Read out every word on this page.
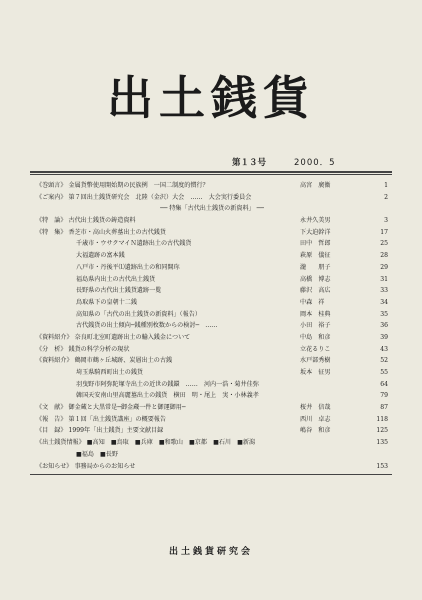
出土銭貨
第１３号	2000．5
《巻頭言》 金属貨幣使用開始期の民族例　一国二制度的慣行？	高宮　廣衞	1
《ご案内》 第７回出土銭貨研究会　北陸（金沢）大会　……　大会実行委員会	2
── 特集「古代出土銭貨の新資料」 ──
《特　論》 古代出土銭貨の鋳造資料	永井久美男	3
《特　集》 香芝市・高山火葬墓出土の古代銭貨	下大迫幹洋	17
千歳市・ウサクマイＮ遺跡出土の古代銭貨	田中　哲郎	25
大福遺跡の富本銭	萩原　儀征	28
八戸市・丹後平⑴遺跡出土の和同開珎	瀧　　朋子	29
福島県内出土の古代出土銭貨	高橋　博志	31
長野県の古代出土銭貨遺跡一覧	藤沢　高広	33
鳥取県下の皇朝十二銭	中森　祥	34
高知県の「古代の出土銭貨の新資料」（報告）	岡本　桂典	35
古代銭貨の出土傾向─銭種別枚数からの検討─　……	小田　裕子	36
《資料紹介》 奈良町北室町遺跡出土の輸入銭金について	中島　和彦	39
《分　析》 銭貨の科学分析の現状	立花るりこ	43
《資料紹介》 鶴岡市鶴ヶ丘城跡、炭層出土の古銭	水戸部秀樹	52
埼玉県騎西町出土の銭貨	坂本　征男	55
羽曳野市阿弥陀塚寺出土の近世の銭鐶　……　河内一浩・菊井佳弥	64
韓国天安南山里高麗墓出土の銭貨　横田　明・尾上　実・小林義孝	79
《文　献》 御金蔵と大黒常是─御金蔵一件と御運御用─	桜井　信哉	87
《報　告》 第１回「出土銭貨講座」の概要報告	西川　卓志	118
《目　録》 1999年「出土銭貨」主要文献目録	嶋谷　和彦	125
《出土銭貨情報》 ■高知　■鳥取　■兵庫　■和歌山　■京都　■石川　■新潟	135
■福島　■長野
《お知らせ》 事務局からのお知らせ	153
出土銭貨研究会
